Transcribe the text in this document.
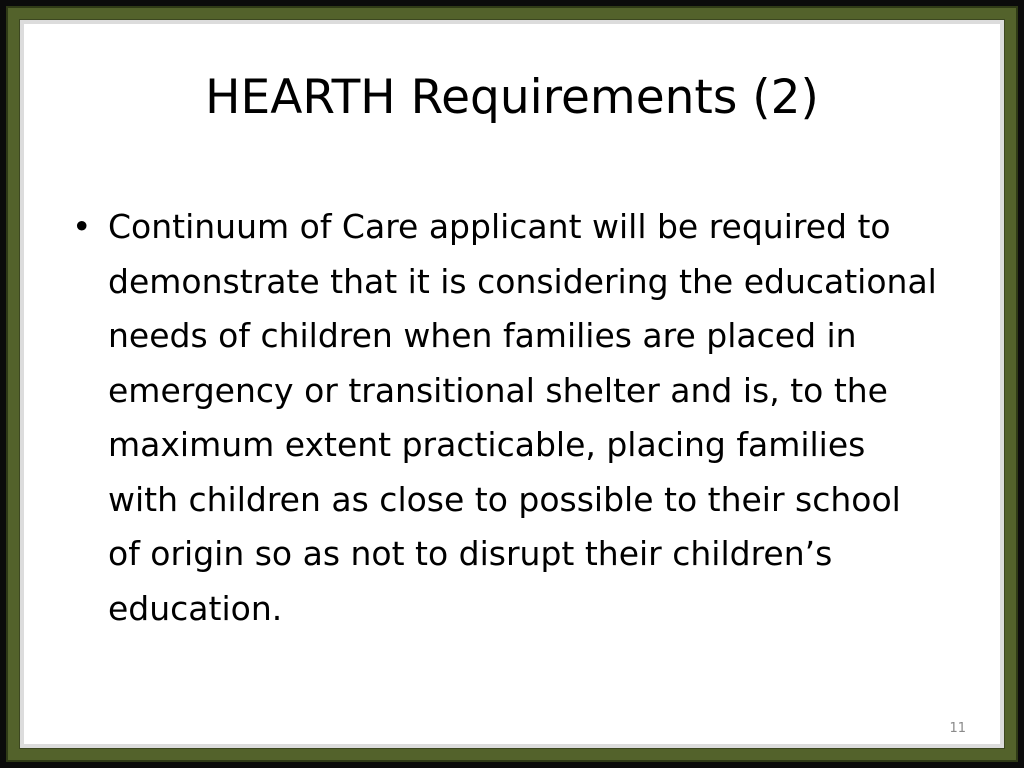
HEARTH Requirements (2)
• Continuum of Care applicant will be required to demonstrate that it is considering the educational needs of children when families are placed in emergency or transitional shelter and is, to the maximum extent practicable, placing families with children as close to possible to their school of origin so as not to disrupt their children’s education.
11
